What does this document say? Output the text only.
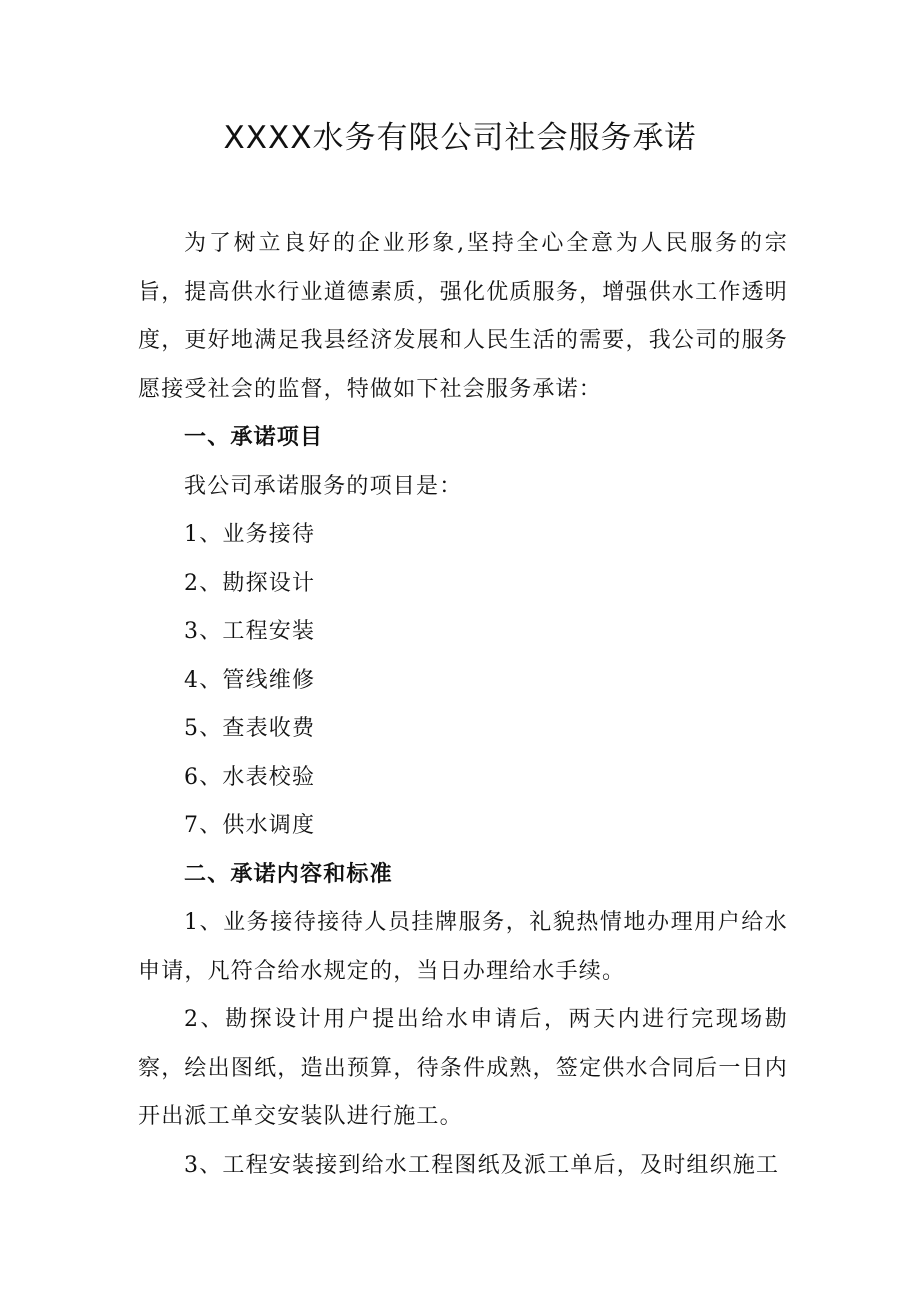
XXXX水务有限公司社会服务承诺

为了树立良好的企业形象,坚持全心全意为人民服务的宗旨，提高供水行业道德素质，强化优质服务，增强供水工作透明度，更好地满足我县经济发展和人民生活的需要，我公司的服务愿接受社会的监督，特做如下社会服务承诺：

一、承诺项目

我公司承诺服务的项目是：

1、业务接待

2、勘探设计

3、工程安装

4、管线维修

5、查表收费

6、水表校验

7、供水调度

二、承诺内容和标准

1、业务接待接待人员挂牌服务，礼貌热情地办理用户给水申请，凡符合给水规定的，当日办理给水手续。

2、勘探设计用户提出给水申请后，两天内进行完现场勘察，绘出图纸，造出预算，待条件成熟，签定供水合同后一日内开出派工单交安装队进行施工。

3、工程安装接到给水工程图纸及派工单后，及时组织施工
